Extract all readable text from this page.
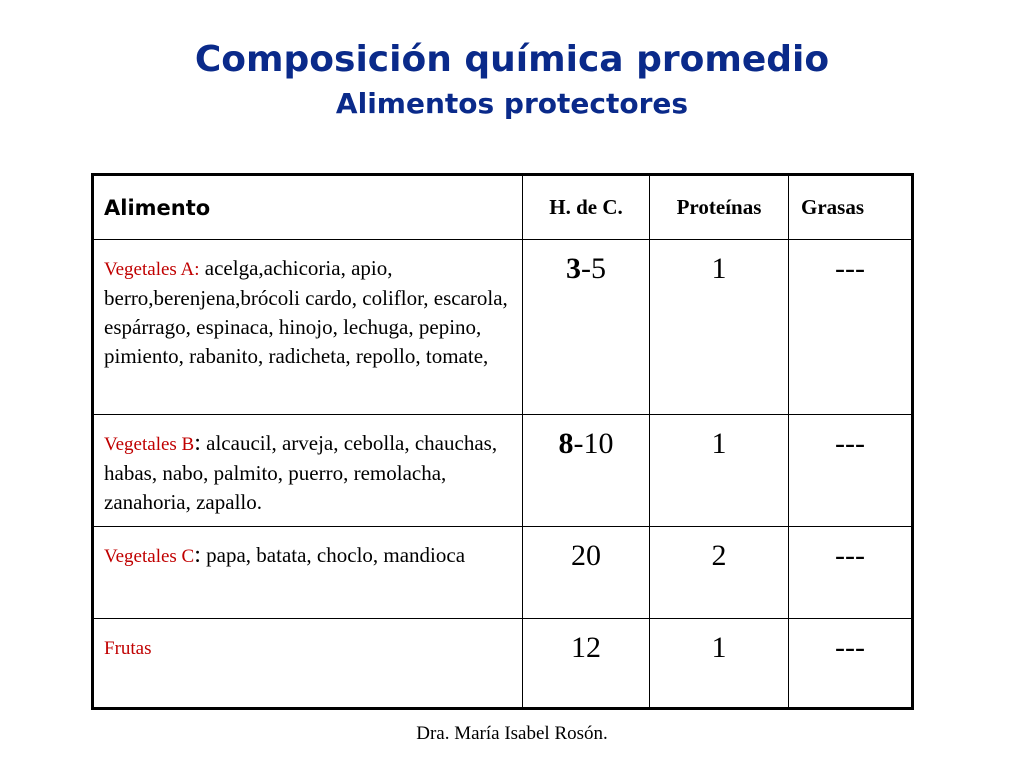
Composición química promedio
Alimentos protectores
Alimento	H. de C.	Proteínas	Grasas
Vegetales A: acelga,achicoria, apio, berro,berenjena,brócoli cardo, coliflor, escarola, espárrago, espinaca, hinojo, lechuga, pepino, pimiento, rabanito, radicheta, repollo, tomate,	3-5	1	---
Vegetales B: alcaucil, arveja, cebolla, chauchas, habas, nabo, palmito, puerro, remolacha, zanahoria, zapallo.	8-10	1	---
Vegetales C: papa, batata, choclo, mandioca	20	2	---
Frutas	12	1	---
Dra. María Isabel Rosón.
